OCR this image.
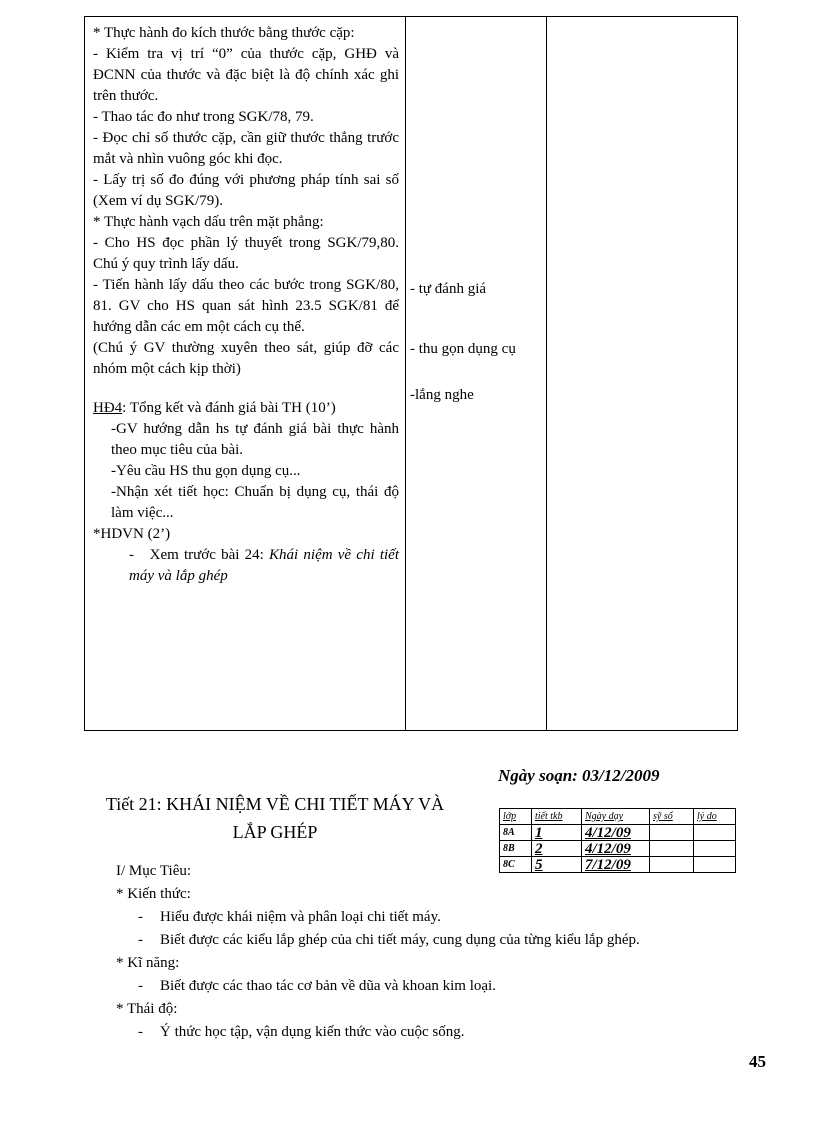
* Thực hành đo kích thước bằng thước cặp:

- Kiểm tra vị trí “0” của thước cặp, GHĐ và ĐCNN của thước và đặc biệt là độ chính xác ghi trên thước.

- Thao tác đo như trong SGK/78, 79.

- Đọc chỉ số thước cặp, cần giữ thước thẳng trước mắt và nhìn vuông góc khi đọc.

- Lấy trị số đo đúng với phương pháp tính sai số (Xem ví dụ SGK/79).

* Thực hành vạch dấu trên mặt phẳng:

- Cho HS đọc phần lý thuyết trong SGK/79,80. Chú ý quy trình lấy dấu.

- Tiến hành lấy dấu theo các bước trong SGK/80, 81. GV cho HS quan sát hình 23.5 SGK/81 để hướng dẫn các em một cách cụ thể.

(Chú ý GV thường xuyên theo sát, giúp đỡ các nhóm một cách kịp thời)

HĐ4: Tổng kết và đánh giá bài TH (10’)

-GV hướng dẫn hs tự đánh giá bài thực hành theo mục tiêu của bài.

-Yêu cầu HS thu gọn dụng cụ...

-Nhận xét tiết học: Chuẩn bị dụng cụ, thái độ làm việc...

*HDVN (2’)

-   Xem trước bài 24: Khái niệm về chi tiết máy và lắp ghép

- tự đánh giá
- thu gọn dụng cụ
-lắng nghe

Ngày soạn: 03/12/2009
Tiết 21: KHÁI NIỆM VỀ CHI TIẾT MÁY VÀ LẮP GHÉP
lớp	tiết tkb	Ngày dạy	sỹ số	lý do
8A	1	4/12/09		
8B	2	4/12/09		
8C	5	7/12/09		
I/ Mục Tiêu:
* Kiến thức:
- Hiểu được khái niệm và phân loại chi tiết máy.
- Biết được các kiểu lắp ghép của chi tiết máy, cung dụng của từng kiểu lắp ghép.
* Kĩ năng:
- Biết được các thao tác cơ bản về dũa và khoan kim loại.
* Thái độ:
- Ý thức học tập, vận dụng kiến thức vào cuộc sống.
45
